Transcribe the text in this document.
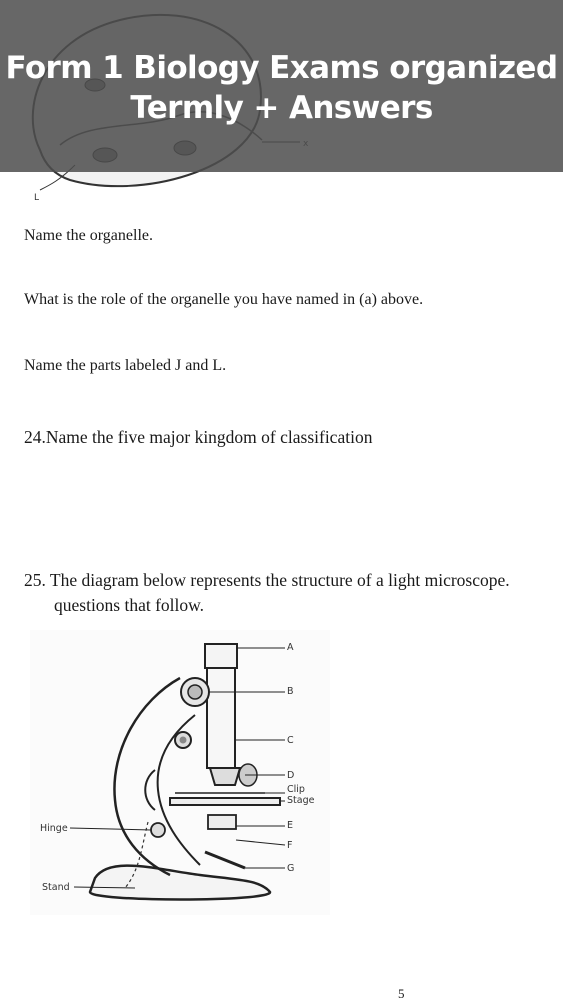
L
Form 1 Biology Exams organized
Termly + Answers
Name the organelle.
What is the role of the organelle you have named in (a) above.
Name the parts labeled J and L.
24.Name the five major kingdom of classification
25. The diagram below represents the structure of a light microscope.
questions that follow.
A
B
C
D
Clip
Stage
E
F
G
Hinge
Stand
5
